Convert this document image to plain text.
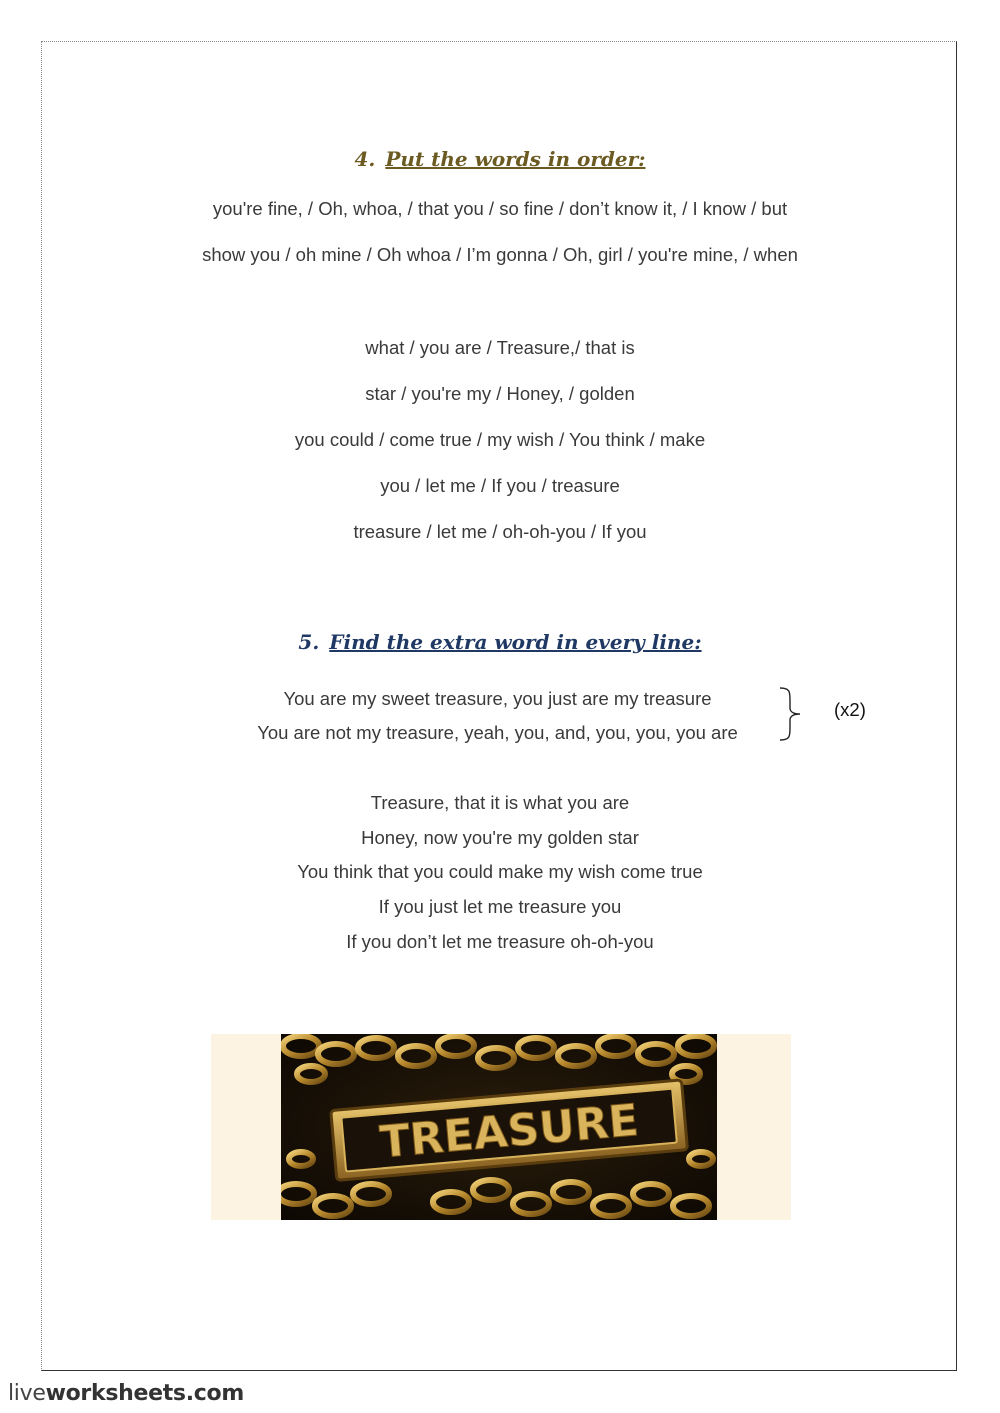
4. Put the words in order:
you're fine, / Oh, whoa, / that you / so fine / don’t know it, / I know / but
show you / oh mine / Oh whoa / I’m gonna / Oh, girl / you're mine, / when
what / you are / Treasure,/ that is
star / you're my / Honey, / golden
you could / come true / my wish / You think / make
you / let me / If you / treasure
treasure / let me / oh-oh-you / If you
5. Find the extra word in every line:
You are my sweet treasure, you just are my treasure
You are not my treasure, yeah, you, and, you, you, you are
(x2)
Treasure, that it is what you are
Honey, now you're my golden star
You think that you could make my wish come true
If you just let me treasure you
If you don’t let me treasure oh-oh-you
TREASURE
liveworksheets.com
